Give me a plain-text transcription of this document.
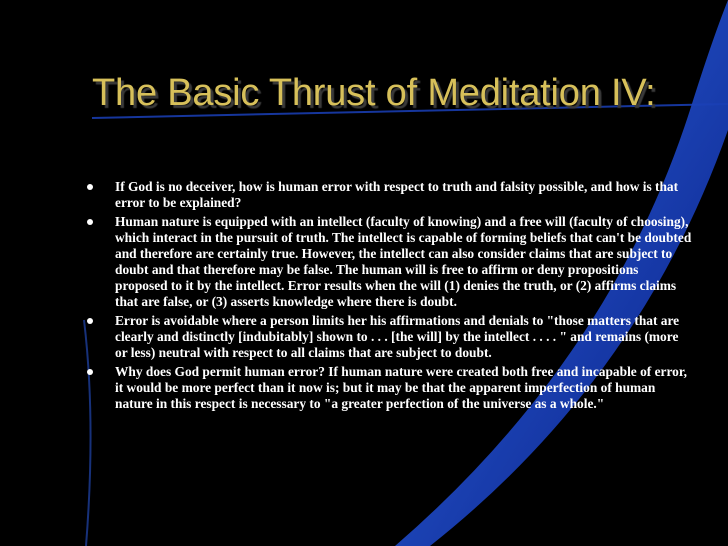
The Basic Thrust of Meditation IV:
If God is no deceiver, how is human error with respect to truth and falsity possible, and how is that error to be explained?
Human nature is equipped with an intellect (faculty of knowing) and a free will (faculty of choosing), which interact in the pursuit of truth. The intellect is capable of forming beliefs that can't be doubted and therefore are certainly true. However, the intellect can also consider claims that are subject to doubt and that therefore may be false. The human will is free to affirm or deny propositions proposed to it by the intellect. Error results when the will (1) denies the truth, or (2) affirms claims that are false, or (3) asserts knowledge where there is doubt.
Error is avoidable where a person limits her his affirmations and denials to "those matters that are clearly and distinctly [indubitably] shown to . . . [the will] by the intellect . . . . " and remains (more or less) neutral with respect to all claims that are subject to doubt.
Why does God permit human error? If human nature were created both free and incapable of error, it would be more perfect than it now is; but it may be that the apparent imperfection of human nature in this respect is necessary to "a greater perfection of the universe as a whole."
